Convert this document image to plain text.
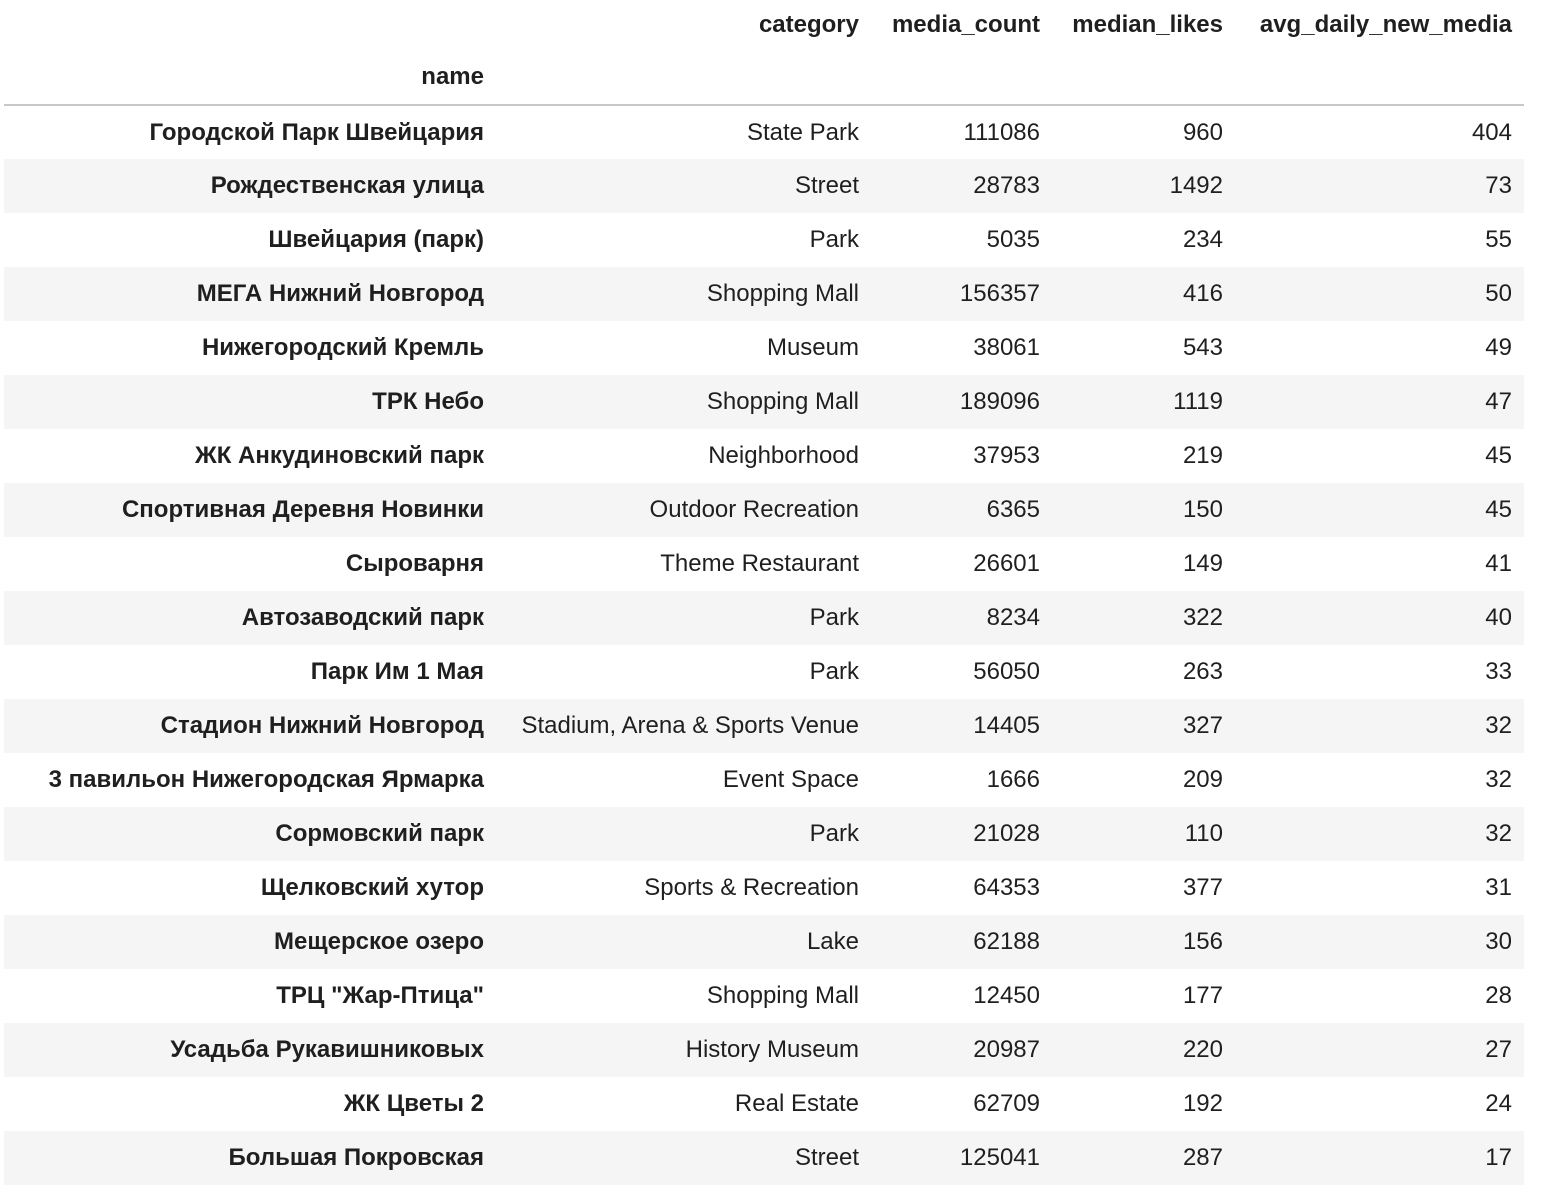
	category	media_count	median_likes	avg_daily_new_media
name				
Городской Парк Швейцария	State Park	111086	960	404
Рождественская улица	Street	28783	1492	73
Швейцария (парк)	Park	5035	234	55
МЕГА Нижний Новгород	Shopping Mall	156357	416	50
Нижегородский Кремль	Museum	38061	543	49
ТРК Небо	Shopping Mall	189096	1119	47
ЖК Анкудиновский парк	Neighborhood	37953	219	45
Спортивная Деревня Новинки	Outdoor Recreation	6365	150	45
Сыроварня	Theme Restaurant	26601	149	41
Автозаводский парк	Park	8234	322	40
Парк Им 1 Мая	Park	56050	263	33
Стадион Нижний Новгород	Stadium, Arena & Sports Venue	14405	327	32
3 павильон Нижегородская Ярмарка	Event Space	1666	209	32
Сормовский парк	Park	21028	110	32
Щелковский хутор	Sports & Recreation	64353	377	31
Мещерское озеро	Lake	62188	156	30
ТРЦ "Жар-Птица"	Shopping Mall	12450	177	28
Усадьба Рукавишниковых	History Museum	20987	220	27
ЖК Цветы 2	Real Estate	62709	192	24
Большая Покровская	Street	125041	287	17
